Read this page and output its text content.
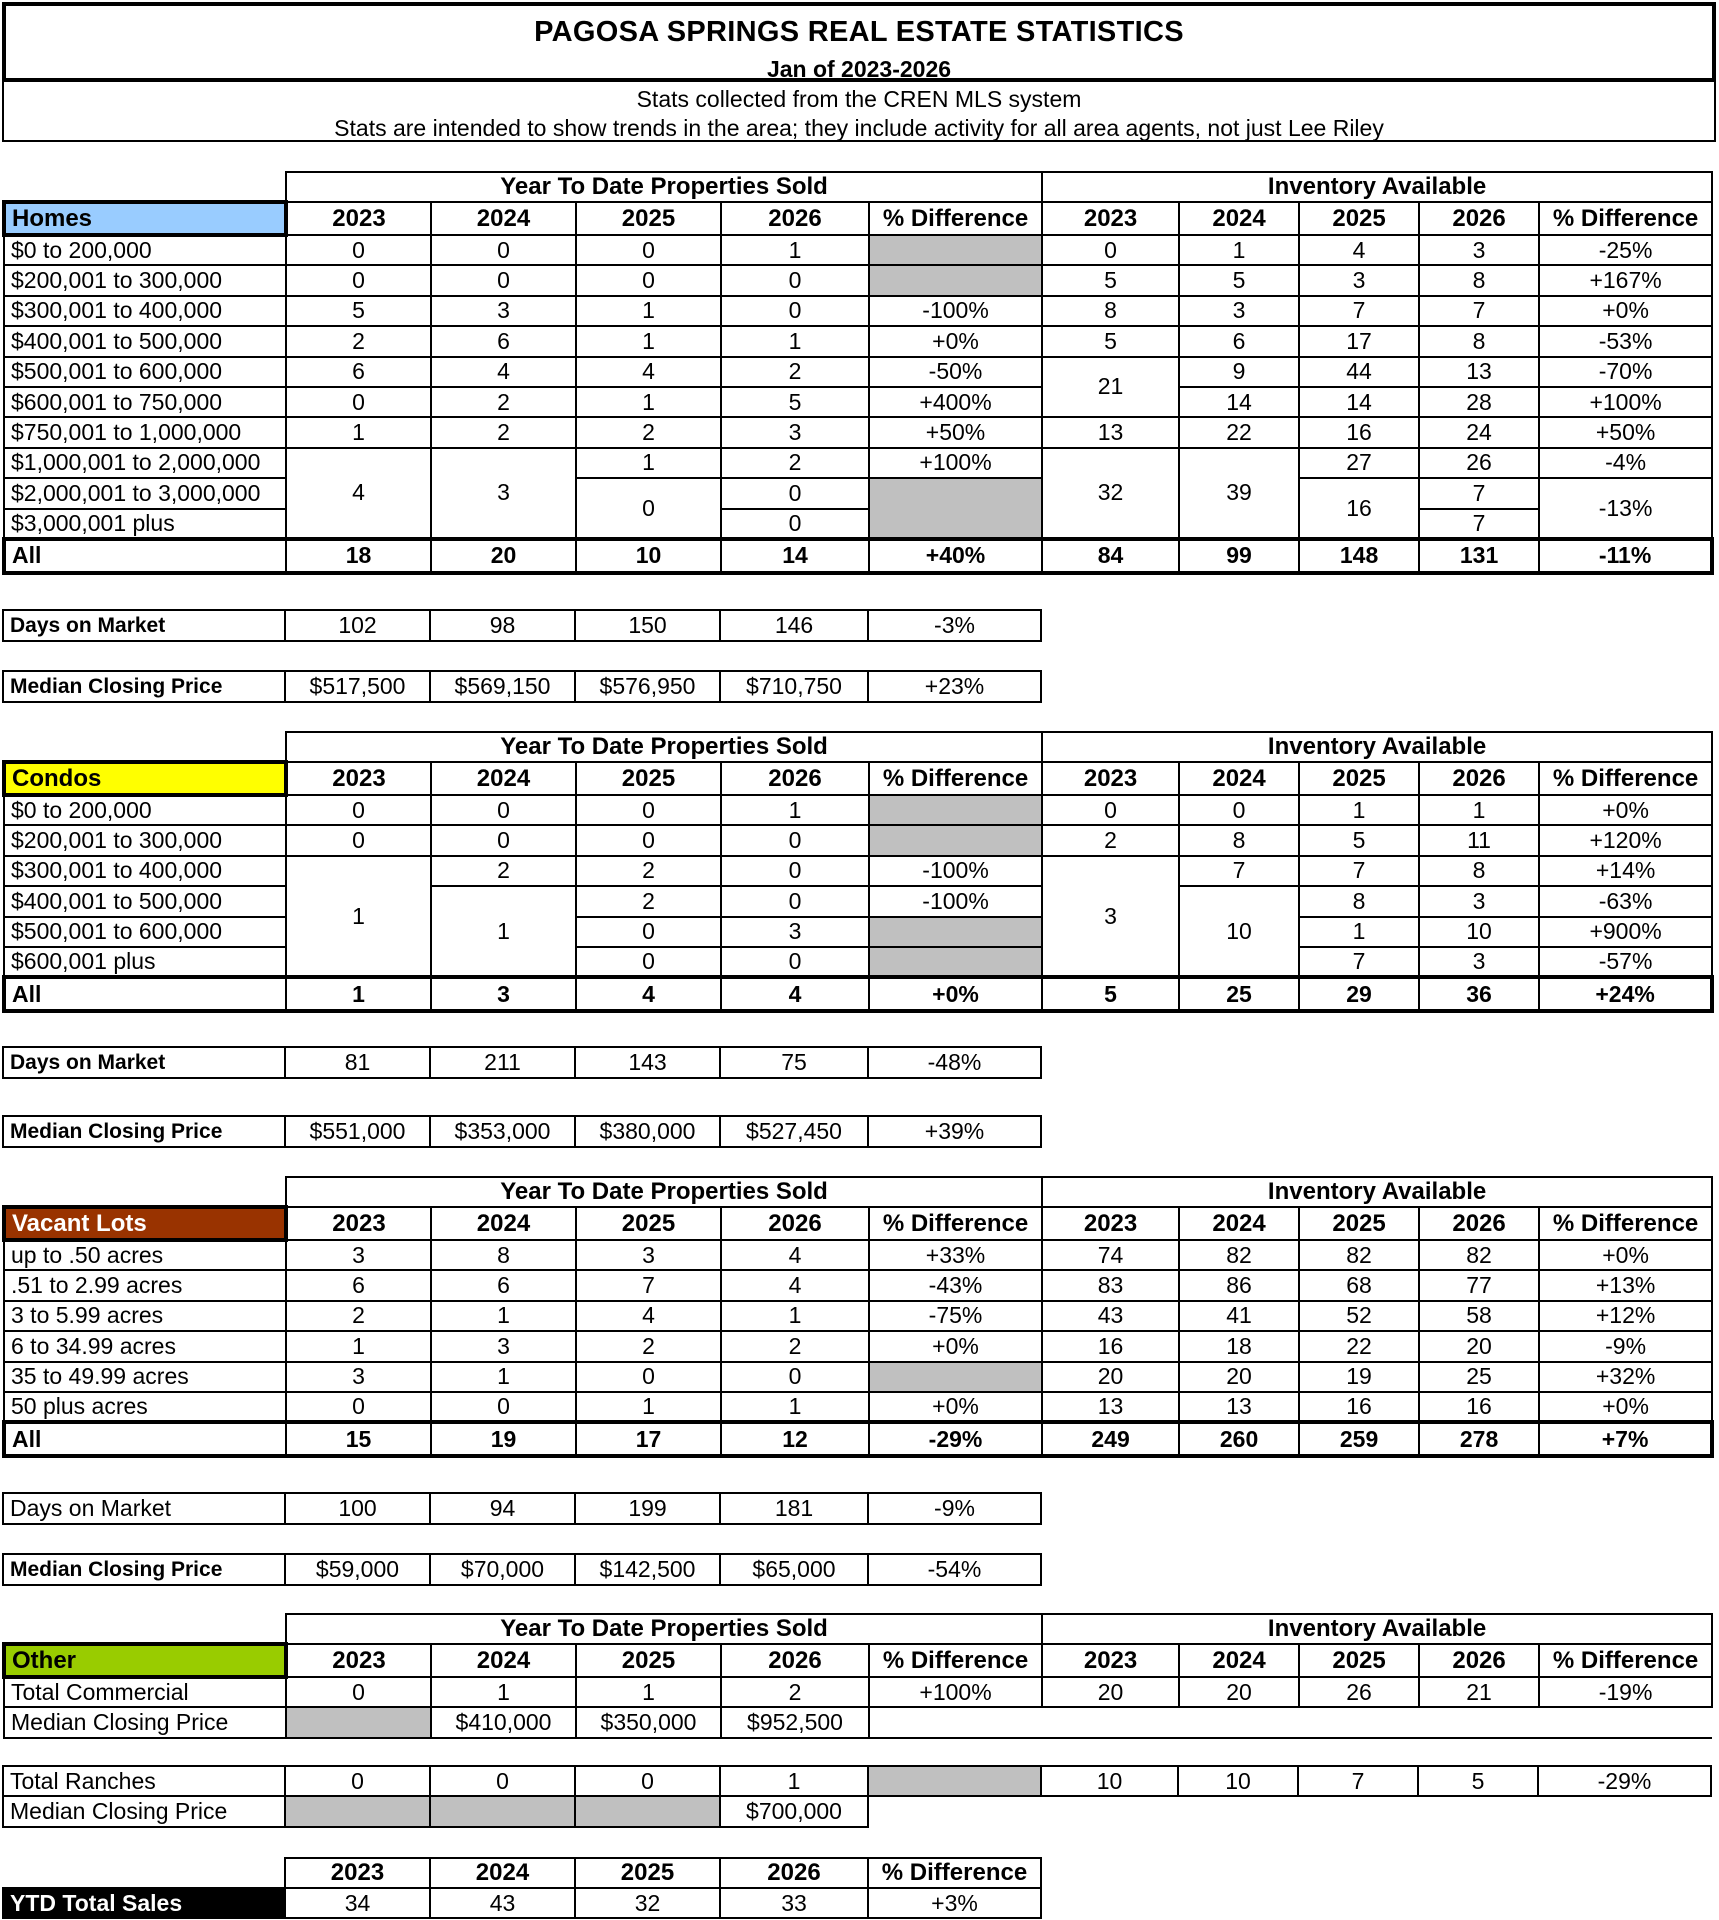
PAGOSA SPRINGS REAL ESTATE STATISTICS
Jan of 2023-2026
Stats collected from the CREN MLS system
Stats are intended to show trends in the area; they include activity for all area agents, not just Lee Riley
	Year To Date Properties Sold					Inventory Available				
Homes	2023	2024	2025	2026	% Difference	2023	2024	2025	2026	% Difference
$0 to 200,000	0	0	0	1		0	1	4	3	-25%
$200,001 to 300,000	0	0	0	0		5	5	3	8	+167%
$300,001 to 400,000	5	3	1	0	-100%	8	3	7	7	+0%
$400,001 to 500,000	2	6	1	1	+0%	5	6	17	8	-53%
$500,001 to 600,000	6	4	4	2	-50%	21	9	44	13	-70%
$600,001 to 750,000	0	2	1	5	+400%		14	14	28	+100%
$750,001 to 1,000,000	1	2	2	3	+50%	13	22	16	24	+50%
$1,000,001 to 2,000,000	4	3	1	2	+100%	32	39	27	26	-4%
$2,000,001 to 3,000,000			0	0				16	7	-13%
$3,000,001 plus				0					7	
All	18	20	10	14	+40%	84	99	148	131	-11%
Days on Market	102	98	150	146	-3%
Median Closing Price	$517,500	$569,150	$576,950	$710,750	+23%
	Year To Date Properties Sold					Inventory Available				
Condos	2023	2024	2025	2026	% Difference	2023	2024	2025	2026	% Difference
$0 to 200,000	0	0	0	1		0	0	1	1	+0%
$200,001 to 300,000	0	0	0	0		2	8	5	11	+120%
$300,001 to 400,000	1	2	2	0	-100%	3	7	7	8	+14%
$400,001 to 500,000		1	2	0	-100%		10	8	3	-63%
$500,001 to 600,000			0	3				1	10	+900%
$600,001 plus			0	0				7	3	-57%
All	1	3	4	4	+0%	5	25	29	36	+24%
Days on Market	81	211	143	75	-48%
Median Closing Price	$551,000	$353,000	$380,000	$527,450	+39%
	Year To Date Properties Sold					Inventory Available				
Vacant Lots	2023	2024	2025	2026	% Difference	2023	2024	2025	2026	% Difference
up to .50 acres	3	8	3	4	+33%	74	82	82	82	+0%
.51 to 2.99 acres	6	6	7	4	-43%	83	86	68	77	+13%
3 to 5.99 acres	2	1	4	1	-75%	43	41	52	58	+12%
6 to 34.99 acres	1	3	2	2	+0%	16	18	22	20	-9%
35 to 49.99 acres	3	1	0	0		20	20	19	25	+32%
50 plus acres	0	0	1	1	+0%	13	13	16	16	+0%
All	15	19	17	12	-29%	249	260	259	278	+7%
Days on Market	100	94	199	181	-9%
Median Closing Price	$59,000	$70,000	$142,500	$65,000	-54%
	Year To Date Properties Sold					Inventory Available				
Other	2023	2024	2025	2026	% Difference	2023	2024	2025	2026	% Difference
Total Commercial	0	1	1	2	+100%	20	20	26	21	-19%
Median Closing Price		$410,000	$350,000	$952,500						

Total Ranches	0	0	0	1		10	10	7	5	-29%
Median Closing Price				$700,000						
	2023	2024	2025	2026	% Difference
YTD Total Sales	34	43	32	33	+3%
